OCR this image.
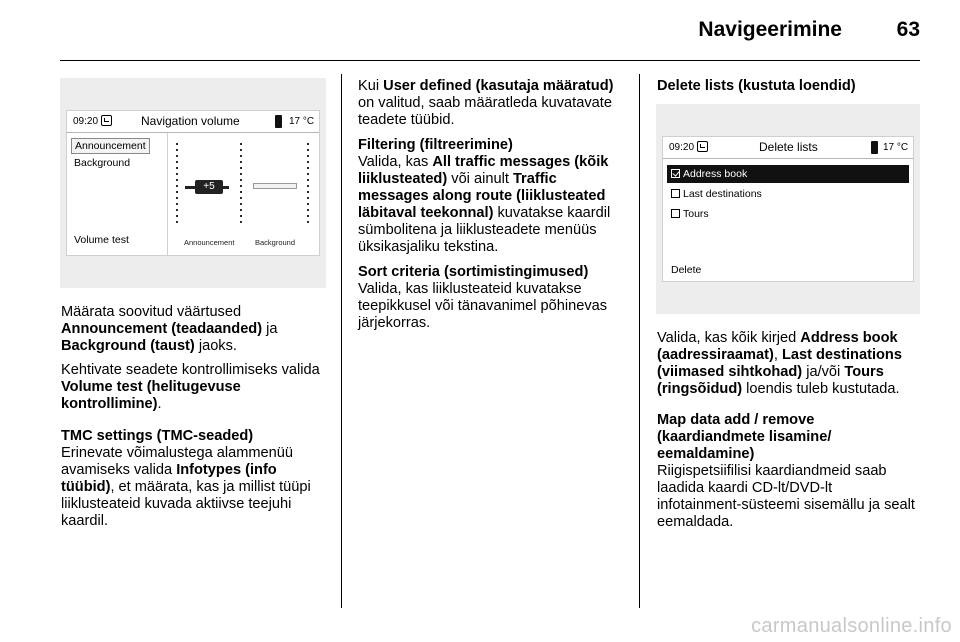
Navigeerimine	63
09:20	Navigation volume	17 °C
Announcement
Background
Volume test
+5
Announcement	Background

Määrata soovitud väärtused Announcement (teadaanded) ja Background (taust) jaoks.

Kehtivate seadete kontrollimiseks valida Volume test (helitugevuse kontrollimine).

TMC settings (TMC-seaded)

Erinevate võimalustega alammenüü avamiseks valida Infotypes (info tüübid), et määrata, kas ja millist tüüpi liiklusteateid kuvada aktiivse teejuhi kaardil.

Kui User defined (kasutaja määratud) on valitud, saab määratleda kuvatavate teadete tüübid.

Filtering (filtreerimine)

Valida, kas All traffic messages (kõik liiklusteated) või ainult Traffic messages along route (liiklusteated läbitaval teekonnal) kuvatakse kaardil sümbolitena ja liiklusteadete menüüs üksikasjaliku tekstina.

Sort criteria (sortimistingimused)

Valida, kas liiklusteateid kuvatakse teepikkusel või tänavanimel põhinevas järjekorras.

Delete lists (kustuta loendid)
09:20	Delete lists	17 °C
Address book
Last destinations
Tours
Delete

Valida, kas kõik kirjed Address book (aadressiraamat), Last destinations (viimased sihtkohad) ja/või Tours (ringsõidud) loendis tuleb kustutada.

Map data add / remove (kaardiandmete lisamine/ eemaldamine)

Riigispetsiifilisi kaardiandmeid saab laadida kaardi CD-lt/DVD-lt infotainment-süsteemi sisemällu ja sealt eemaldada.

carmanualsonline.info
